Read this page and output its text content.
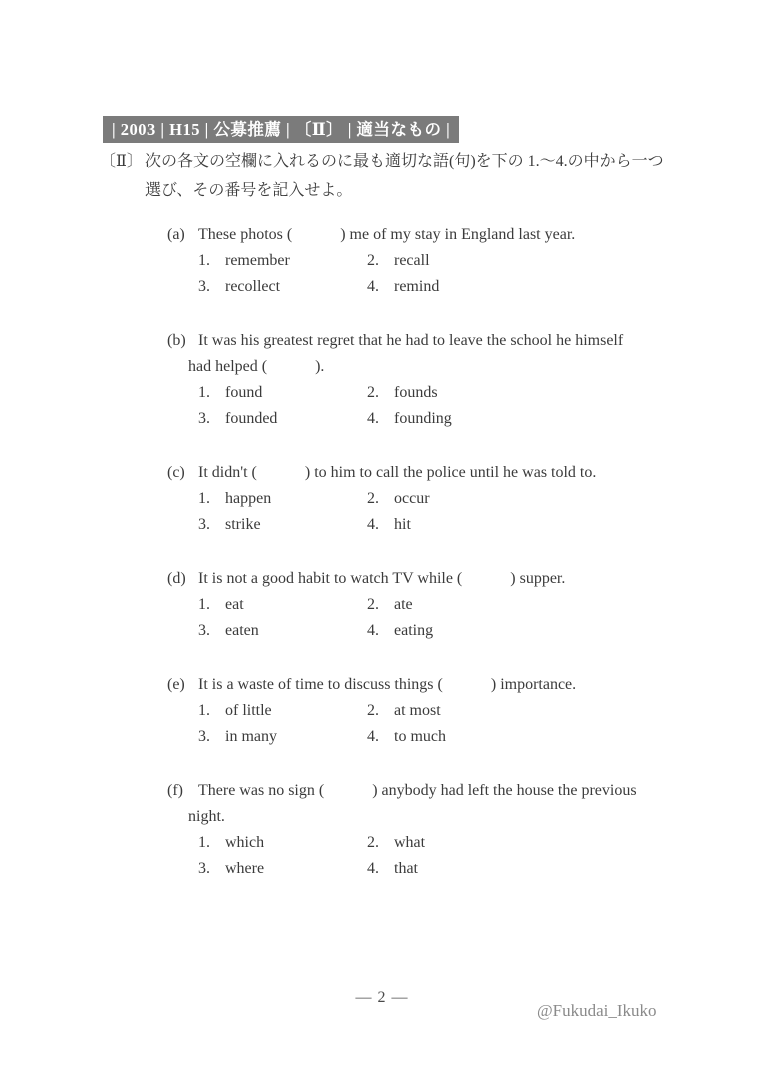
| 2003 | H15 | 公募推薦 | 〔Ⅱ〕 | 適当なもの |
〔Ⅱ〕 次の各文の空欄に入れるのに最も適切な語(句)を下の 1.～4.の中から一つ
選び、その番号を記入せよ。
(a) These photos (            ) me of my stay in England last year.
1. remember	2. recall
3. recollect	4. remind
(b) It was his greatest regret that he had to leave the school he himself
had helped (            ).
1. found	2. founds
3. founded	4. founding
(c) It didn't (            ) to him to call the police until he was told to.
1. happen	2. occur
3. strike	4. hit
(d) It is not a good habit to watch TV while (            ) supper.
1. eat	2. ate
3. eaten	4. eating
(e) It is a waste of time to discuss things (            ) importance.
1. of little	2. at most
3. in many	4. to much
(f) There was no sign (            ) anybody had left the house the previous
night.
1. which	2. what
3. where	4. that
— 2 —
@Fukudai_Ikuko
